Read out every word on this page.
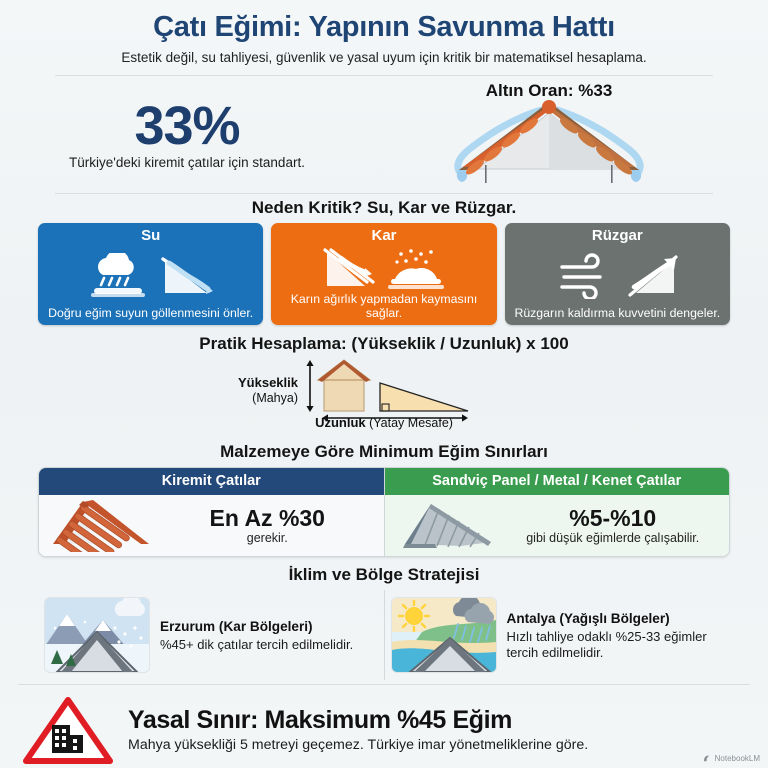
Çatı Eğimi: Yapının Savunma Hattı

Estetik değil, su tahliyesi, güvenlik ve yasal uyum için kritik bir matematiksel hesaplama.

33%
Türkiye'deki kiremit çatılar için standart.
Altın Oran: %33
Neden Kritik? Su, Kar ve Rüzgar.
Su
Doğru eğim suyun göllenmesini önler.
Kar
Karın ağırlık yapmadan kaymasını sağlar.
Rüzgar
Rüzgarın kaldırma kuvvetini dengeler.
Pratik Hesaplama: (Yükseklik / Uzunluk) x 100
Yükseklik
(Mahya)
Uzunluk (Yatay Mesafe)
Malzemeye Göre Minimum Eğim Sınırları
Kiremit Çatılar
En Az %30
gerekir.
Sandviç Panel / Metal / Kenet Çatılar
%5-%10
gibi düşük eğimlerde çalışabilir.
İklim ve Bölge Stratejisi
Erzurum (Kar Bölgeleri)

%45+ dik çatılar tercih edilmelidir.

Antalya (Yağışlı Bölgeler)

Hızlı tahliye odaklı %25-33 eğimler tercih edilmelidir.

Yasal Sınır: Maksimum %45 Eğim

Mahya yüksekliği 5 metreyi geçemez. Türkiye imar yönetmeliklerine göre.

NotebookLM
